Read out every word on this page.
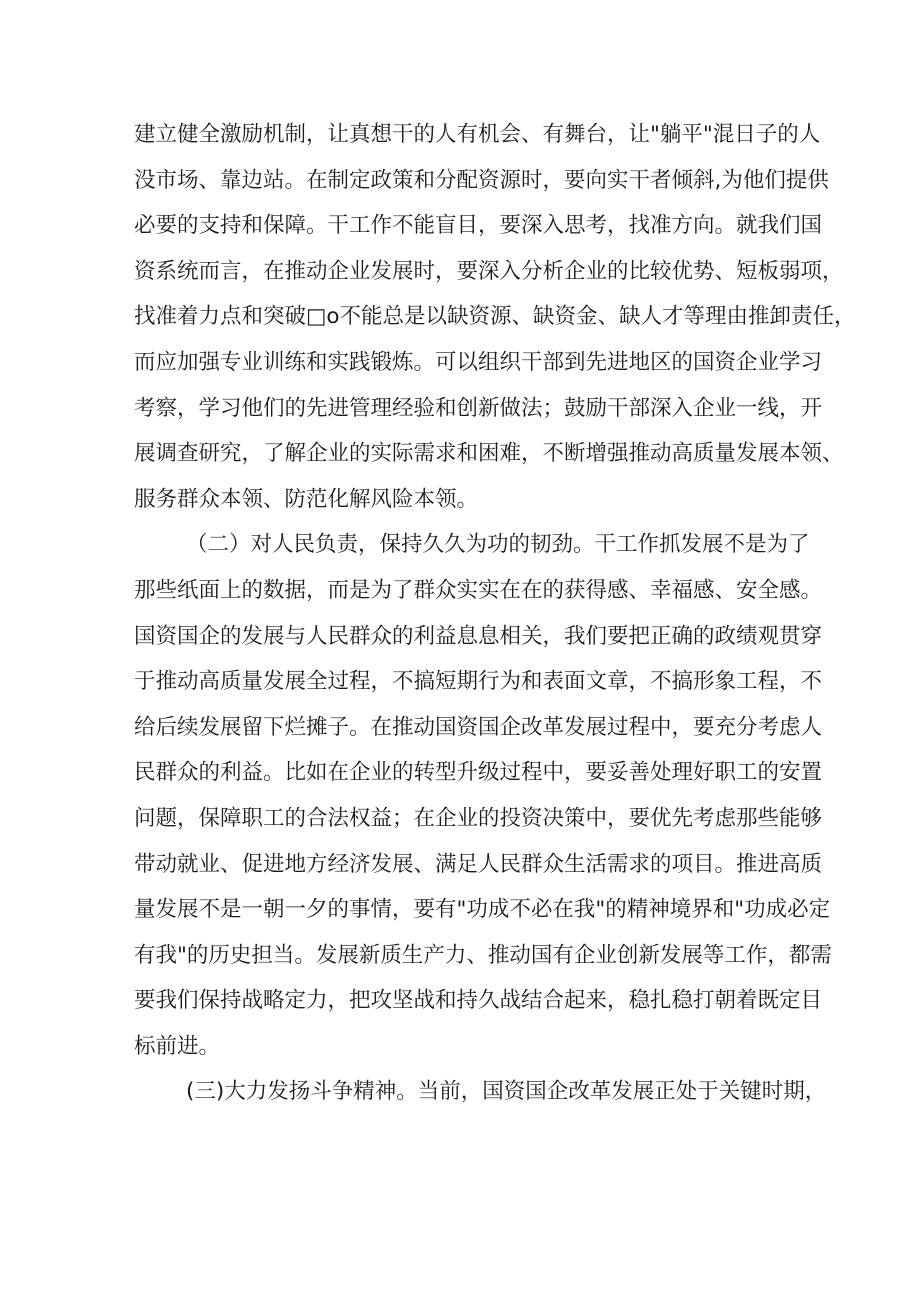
建立健全激励机制，让真想干的人有机会、有舞台，让"躺平"混日子的人
没市场、靠边站。在制定政策和分配资源时，要向实干者倾斜,为他们提供
必要的支持和保障。干工作不能盲目，要深入思考，找准方向。就我们国
资系统而言，在推动企业发展时，要深入分析企业的比较优势、短板弱项，
找准着力点和突破□o不能总是以缺资源、缺资金、缺人才等理由推卸责任，
而应加强专业训练和实践锻炼。可以组织干部到先进地区的国资企业学习
考察，学习他们的先进管理经验和创新做法；鼓励干部深入企业一线，开
展调查研究，了解企业的实际需求和困难，不断增强推动高质量发展本领、
服务群众本领、防范化解风险本领。
（二）对人民负责，保持久久为功的韧劲。干工作抓发展不是为了
那些纸面上的数据，而是为了群众实实在在的获得感、幸福感、安全感。
国资国企的发展与人民群众的利益息息相关，我们要把正确的政绩观贯穿
于推动高质量发展全过程，不搞短期行为和表面文章，不搞形象工程，不
给后续发展留下烂摊子。在推动国资国企改革发展过程中，要充分考虑人
民群众的利益。比如在企业的转型升级过程中，要妥善处理好职工的安置
问题，保障职工的合法权益；在企业的投资决策中，要优先考虑那些能够
带动就业、促进地方经济发展、满足人民群众生活需求的项目。推进高质
量发展不是一朝一夕的事情，要有"功成不必在我"的精神境界和"功成必定
有我"的历史担当。发展新质生产力、推动国有企业创新发展等工作，都需
要我们保持战略定力，把攻坚战和持久战结合起来，稳扎稳打朝着既定目
标前进。
(三)大力发扬斗争精神。当前，国资国企改革发展正处于关键时期，
